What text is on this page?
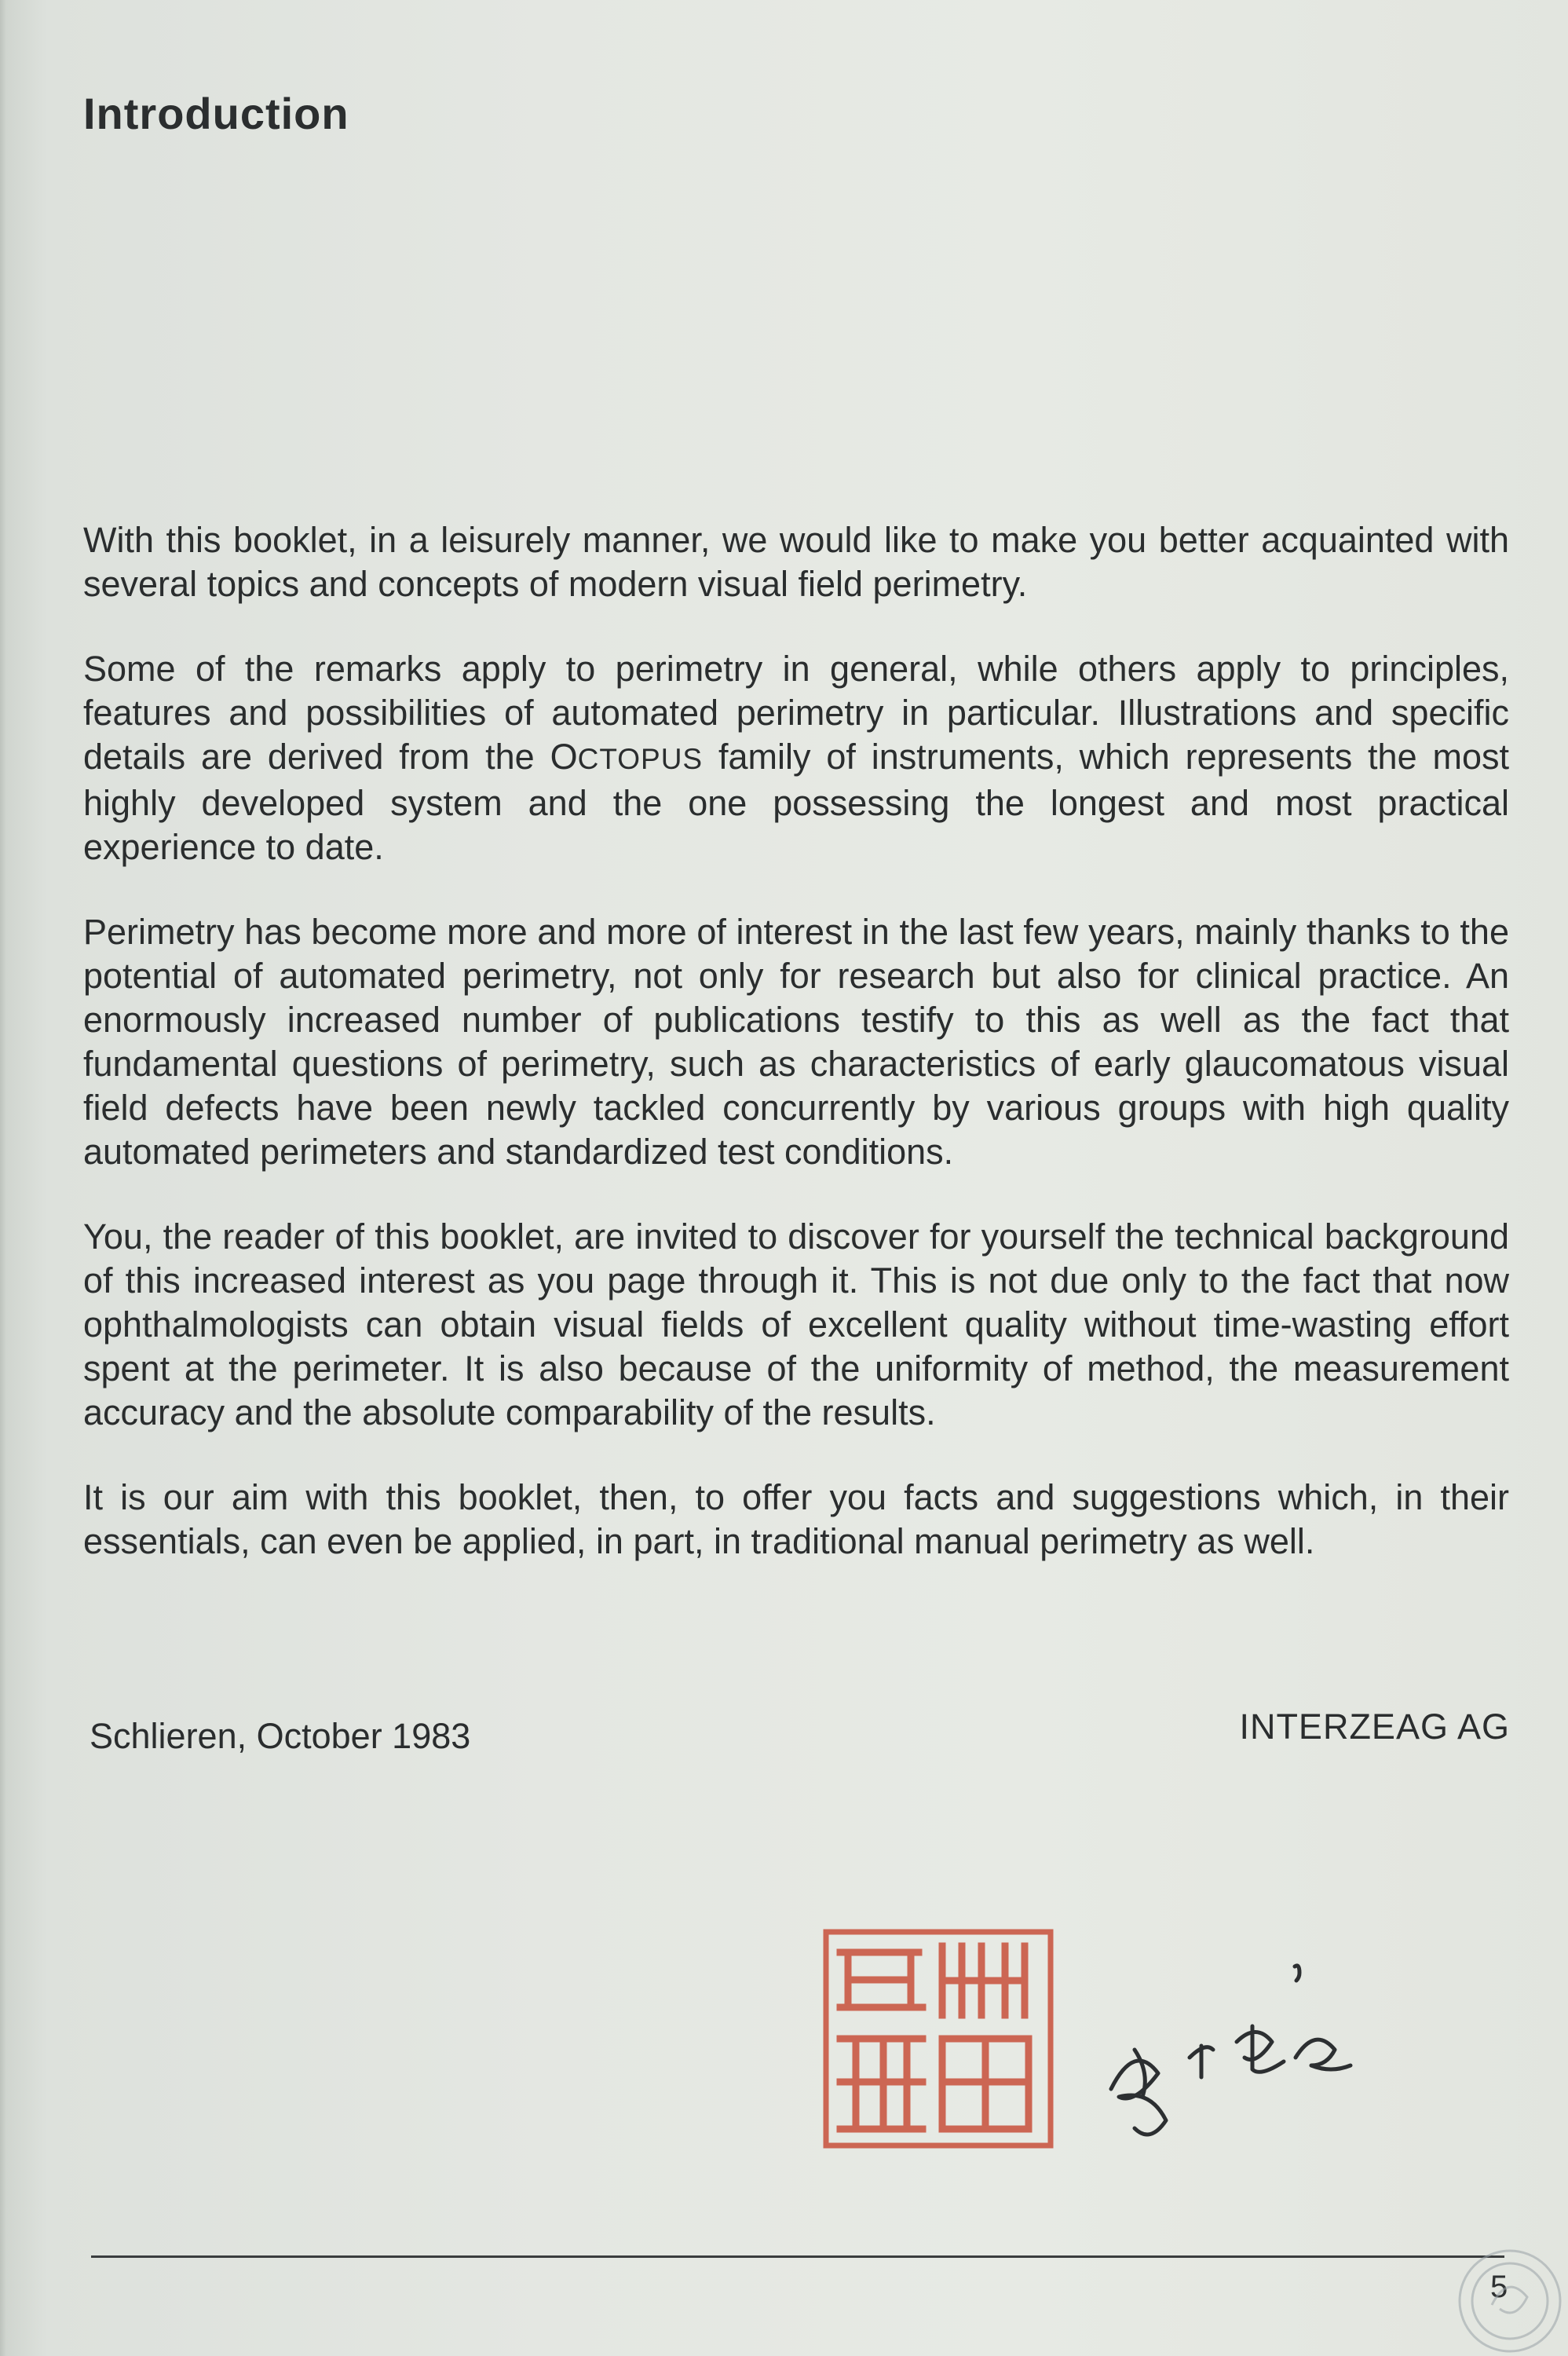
Introduction

With this booklet, in a leisurely manner, we would like to make you better acquainted with several topics and concepts of modern visual field perimetry.

Some of the remarks apply to perimetry in general, while others apply to principles, features and possibilities of automated perimetry in particular. Illustrations and specific details are derived from the OCTOPUS family of instruments, which represents the most highly developed system and the one possessing the longest and most practical experience to date.

Perimetry has become more and more of interest in the last few years, mainly thanks to the potential of automated perimetry, not only for research but also for clinical practice. An enormously increased number of publications testify to this as well as the fact that fundamental questions of perimetry, such as characteristics of early glaucomatous visual field defects have been newly tackled concurrently by various groups with high quality automated perimeters and standardized test conditions.

You, the reader of this booklet, are invited to discover for yourself the technical background of this increased interest as you page through it. This is not due only to the fact that now ophthalmologists can obtain visual fields of excellent quality without time-wasting effort spent at the perimeter. It is also because of the uniformity of method, the measurement accuracy and the absolute comparability of the results.

It is our aim with this booklet, then, to offer you facts and suggestions which, in their essentials, can even be applied, in part, in traditional manual perimetry as well.

Schlieren, October 1983	INTERZEAG AG
5
